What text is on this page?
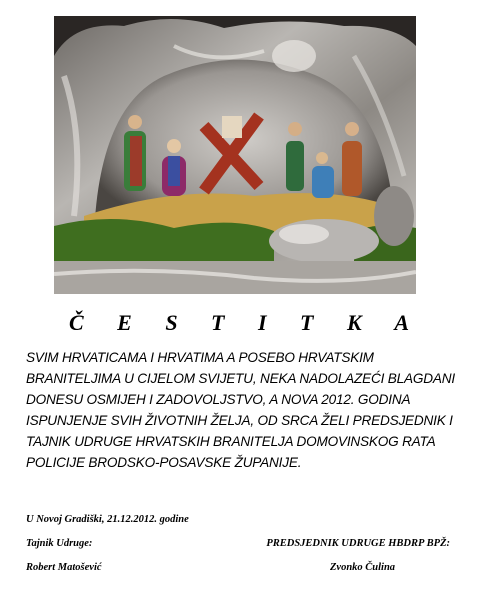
Č E S T I T K A
SVIM HRVATICAMA I HRVATIMA A POSEBO HRVATSKIM
BRANITELJIMA U CIJELOM SVIJETU, NEKA NADOLAZEĆI BLAGDANI
DONESU OSMIJEH I ZADOVOLJSTVO, A NOVA 2012. GODINA
ISPUNJENJE SVIH ŽIVOTNIH ŽELJA, OD SRCA ŽELI PREDSJEDNIK I
TAJNIK UDRUGE HRVATSKIH BRANITELJA DOMOVINSKOG RATA
POLICIJE BRODSKO-POSAVSKE ŽUPANIJE.
U Novoj Gradiški, 21.12.2012. godine
Tajnik Udruge:	PREDSJEDNIK UDRUGE HBDRP BPŽ:
Robert Matošević	Zvonko Čulina
